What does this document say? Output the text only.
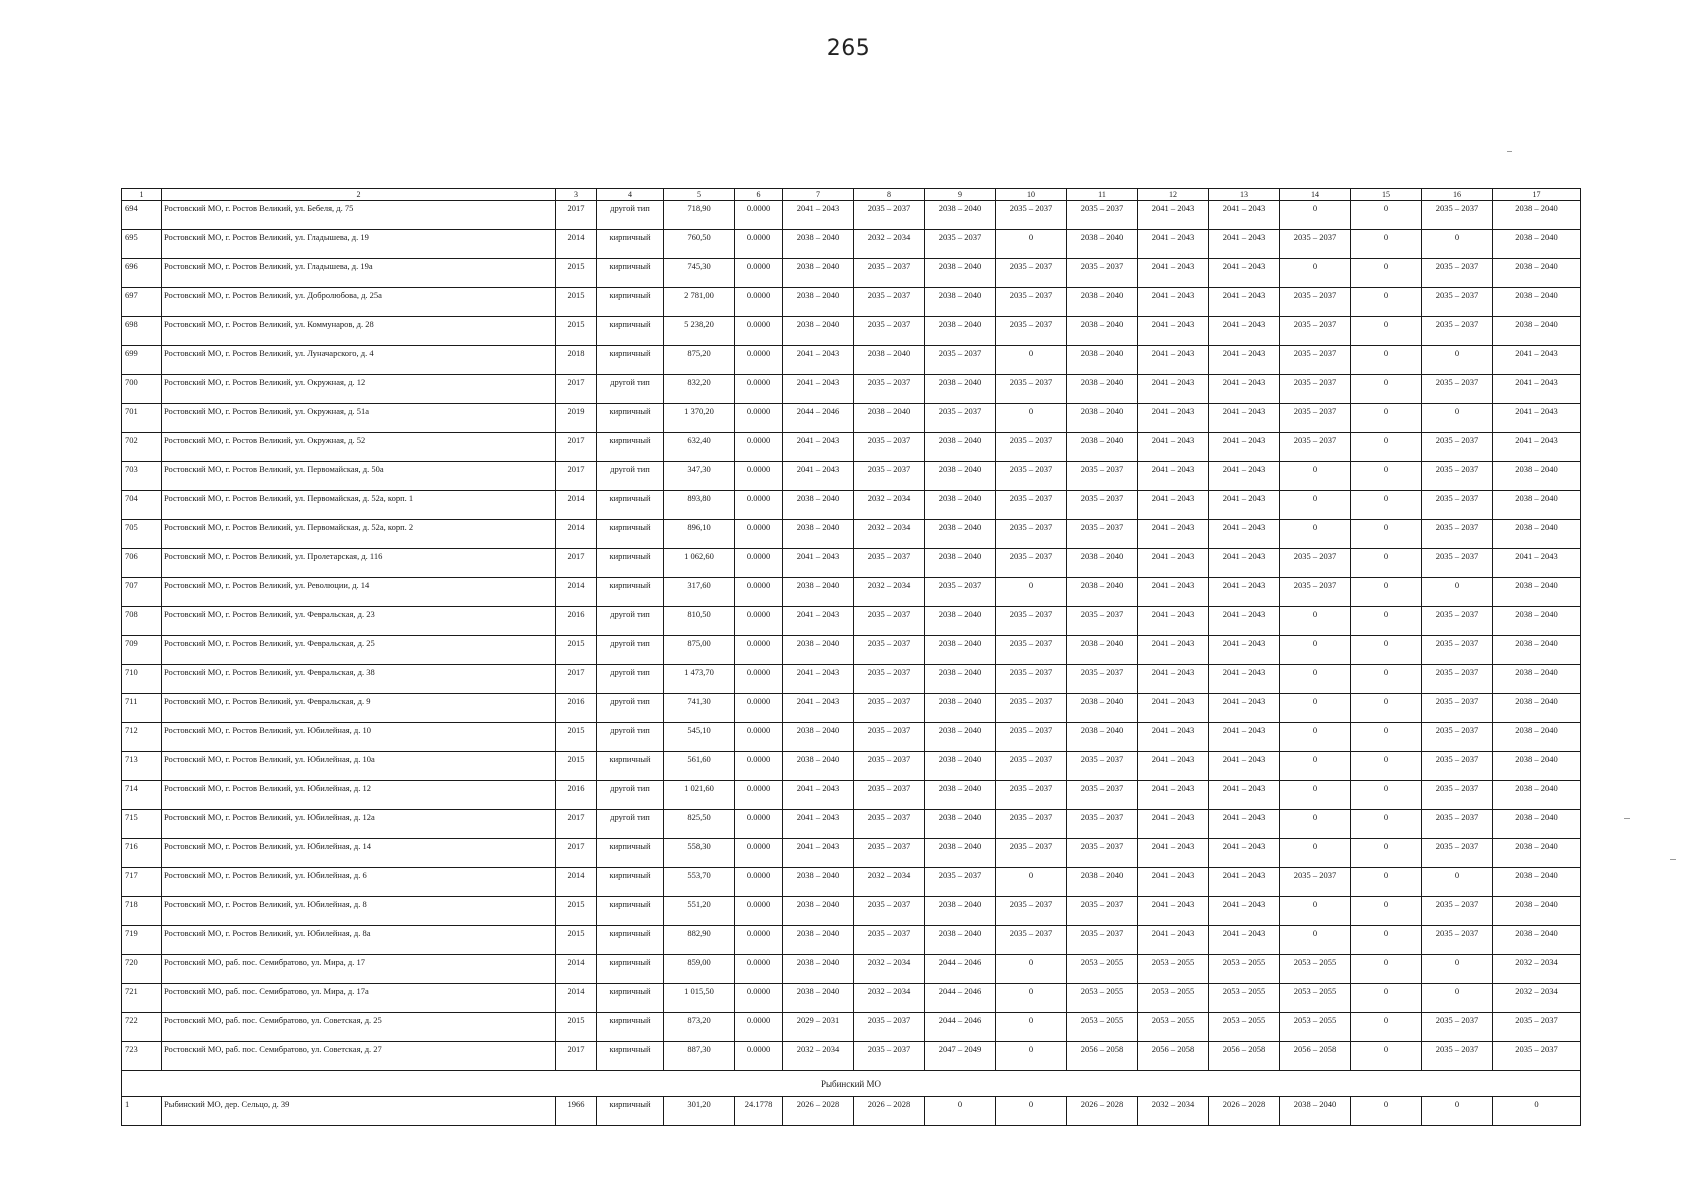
265
1	2	3	4	5	6	7	8	9	10	11	12	13	14	15	16	17
694	Ростовский МО, г. Ростов Великий, ул. Бебеля, д. 75	2017	другой тип	718,90	0.0000	2041 – 2043	2035 – 2037	2038 – 2040	2035 – 2037	2035 – 2037	2041 – 2043	2041 – 2043	0	0	2035 – 2037	2038 – 2040
695	Ростовский МО, г. Ростов Великий, ул. Гладышева, д. 19	2014	кирпичный	760,50	0.0000	2038 – 2040	2032 – 2034	2035 – 2037	0	2038 – 2040	2041 – 2043	2041 – 2043	2035 – 2037	0	0	2038 – 2040
696	Ростовский МО, г. Ростов Великий, ул. Гладышева, д. 19а	2015	кирпичный	745,30	0.0000	2038 – 2040	2035 – 2037	2038 – 2040	2035 – 2037	2035 – 2037	2041 – 2043	2041 – 2043	0	0	2035 – 2037	2038 – 2040
697	Ростовский МО, г. Ростов Великий, ул. Добролюбова, д. 25а	2015	кирпичный	2 781,00	0.0000	2038 – 2040	2035 – 2037	2038 – 2040	2035 – 2037	2038 – 2040	2041 – 2043	2041 – 2043	2035 – 2037	0	2035 – 2037	2038 – 2040
698	Ростовский МО, г. Ростов Великий, ул. Коммунаров, д. 28	2015	кирпичный	5 238,20	0.0000	2038 – 2040	2035 – 2037	2038 – 2040	2035 – 2037	2038 – 2040	2041 – 2043	2041 – 2043	2035 – 2037	0	2035 – 2037	2038 – 2040
699	Ростовский МО, г. Ростов Великий, ул. Луначарского, д. 4	2018	кирпичный	875,20	0.0000	2041 – 2043	2038 – 2040	2035 – 2037	0	2038 – 2040	2041 – 2043	2041 – 2043	2035 – 2037	0	0	2041 – 2043
700	Ростовский МО, г. Ростов Великий, ул. Окружная, д. 12	2017	другой тип	832,20	0.0000	2041 – 2043	2035 – 2037	2038 – 2040	2035 – 2037	2038 – 2040	2041 – 2043	2041 – 2043	2035 – 2037	0	2035 – 2037	2041 – 2043
701	Ростовский МО, г. Ростов Великий, ул. Окружная, д. 51а	2019	кирпичный	1 370,20	0.0000	2044 – 2046	2038 – 2040	2035 – 2037	0	2038 – 2040	2041 – 2043	2041 – 2043	2035 – 2037	0	0	2041 – 2043
702	Ростовский МО, г. Ростов Великий, ул. Окружная, д. 52	2017	кирпичный	632,40	0.0000	2041 – 2043	2035 – 2037	2038 – 2040	2035 – 2037	2038 – 2040	2041 – 2043	2041 – 2043	2035 – 2037	0	2035 – 2037	2041 – 2043
703	Ростовский МО, г. Ростов Великий, ул. Первомайская, д. 50а	2017	другой тип	347,30	0.0000	2041 – 2043	2035 – 2037	2038 – 2040	2035 – 2037	2035 – 2037	2041 – 2043	2041 – 2043	0	0	2035 – 2037	2038 – 2040
704	Ростовский МО, г. Ростов Великий, ул. Первомайская, д. 52а, корп. 1	2014	кирпичный	893,80	0.0000	2038 – 2040	2032 – 2034	2038 – 2040	2035 – 2037	2035 – 2037	2041 – 2043	2041 – 2043	0	0	2035 – 2037	2038 – 2040
705	Ростовский МО, г. Ростов Великий, ул. Первомайская, д. 52а, корп. 2	2014	кирпичный	896,10	0.0000	2038 – 2040	2032 – 2034	2038 – 2040	2035 – 2037	2035 – 2037	2041 – 2043	2041 – 2043	0	0	2035 – 2037	2038 – 2040
706	Ростовский МО, г. Ростов Великий, ул. Пролетарская, д. 116	2017	кирпичный	1 062,60	0.0000	2041 – 2043	2035 – 2037	2038 – 2040	2035 – 2037	2038 – 2040	2041 – 2043	2041 – 2043	2035 – 2037	0	2035 – 2037	2041 – 2043
707	Ростовский МО, г. Ростов Великий, ул. Революции, д. 14	2014	кирпичный	317,60	0.0000	2038 – 2040	2032 – 2034	2035 – 2037	0	2038 – 2040	2041 – 2043	2041 – 2043	2035 – 2037	0	0	2038 – 2040
708	Ростовский МО, г. Ростов Великий, ул. Февральская, д. 23	2016	другой тип	810,50	0.0000	2041 – 2043	2035 – 2037	2038 – 2040	2035 – 2037	2035 – 2037	2041 – 2043	2041 – 2043	0	0	2035 – 2037	2038 – 2040
709	Ростовский МО, г. Ростов Великий, ул. Февральская, д. 25	2015	другой тип	875,00	0.0000	2038 – 2040	2035 – 2037	2038 – 2040	2035 – 2037	2038 – 2040	2041 – 2043	2041 – 2043	0	0	2035 – 2037	2038 – 2040
710	Ростовский МО, г. Ростов Великий, ул. Февральская, д. 38	2017	другой тип	1 473,70	0.0000	2041 – 2043	2035 – 2037	2038 – 2040	2035 – 2037	2035 – 2037	2041 – 2043	2041 – 2043	0	0	2035 – 2037	2038 – 2040
711	Ростовский МО, г. Ростов Великий, ул. Февральская, д. 9	2016	другой тип	741,30	0.0000	2041 – 2043	2035 – 2037	2038 – 2040	2035 – 2037	2038 – 2040	2041 – 2043	2041 – 2043	0	0	2035 – 2037	2038 – 2040
712	Ростовский МО, г. Ростов Великий, ул. Юбилейная, д. 10	2015	другой тип	545,10	0.0000	2038 – 2040	2035 – 2037	2038 – 2040	2035 – 2037	2038 – 2040	2041 – 2043	2041 – 2043	0	0	2035 – 2037	2038 – 2040
713	Ростовский МО, г. Ростов Великий, ул. Юбилейная, д. 10а	2015	кирпичный	561,60	0.0000	2038 – 2040	2035 – 2037	2038 – 2040	2035 – 2037	2035 – 2037	2041 – 2043	2041 – 2043	0	0	2035 – 2037	2038 – 2040
714	Ростовский МО, г. Ростов Великий, ул. Юбилейная, д. 12	2016	другой тип	1 021,60	0.0000	2041 – 2043	2035 – 2037	2038 – 2040	2035 – 2037	2035 – 2037	2041 – 2043	2041 – 2043	0	0	2035 – 2037	2038 – 2040
715	Ростовский МО, г. Ростов Великий, ул. Юбилейная, д. 12а	2017	другой тип	825,50	0.0000	2041 – 2043	2035 – 2037	2038 – 2040	2035 – 2037	2035 – 2037	2041 – 2043	2041 – 2043	0	0	2035 – 2037	2038 – 2040
716	Ростовский МО, г. Ростов Великий, ул. Юбилейная, д. 14	2017	кирпичный	558,30	0.0000	2041 – 2043	2035 – 2037	2038 – 2040	2035 – 2037	2035 – 2037	2041 – 2043	2041 – 2043	0	0	2035 – 2037	2038 – 2040
717	Ростовский МО, г. Ростов Великий, ул. Юбилейная, д. 6	2014	кирпичный	553,70	0.0000	2038 – 2040	2032 – 2034	2035 – 2037	0	2038 – 2040	2041 – 2043	2041 – 2043	2035 – 2037	0	0	2038 – 2040
718	Ростовский МО, г. Ростов Великий, ул. Юбилейная, д. 8	2015	кирпичный	551,20	0.0000	2038 – 2040	2035 – 2037	2038 – 2040	2035 – 2037	2035 – 2037	2041 – 2043	2041 – 2043	0	0	2035 – 2037	2038 – 2040
719	Ростовский МО, г. Ростов Великий, ул. Юбилейная, д. 8а	2015	кирпичный	882,90	0.0000	2038 – 2040	2035 – 2037	2038 – 2040	2035 – 2037	2035 – 2037	2041 – 2043	2041 – 2043	0	0	2035 – 2037	2038 – 2040
720	Ростовский МО, раб. пос. Семибратово, ул. Мира, д. 17	2014	кирпичный	859,00	0.0000	2038 – 2040	2032 – 2034	2044 – 2046	0	2053 – 2055	2053 – 2055	2053 – 2055	2053 – 2055	0	0	2032 – 2034
721	Ростовский МО, раб. пос. Семибратово, ул. Мира, д. 17а	2014	кирпичный	1 015,50	0.0000	2038 – 2040	2032 – 2034	2044 – 2046	0	2053 – 2055	2053 – 2055	2053 – 2055	2053 – 2055	0	0	2032 – 2034
722	Ростовский МО, раб. пос. Семибратово, ул. Советская, д. 25	2015	кирпичный	873,20	0.0000	2029 – 2031	2035 – 2037	2044 – 2046	0	2053 – 2055	2053 – 2055	2053 – 2055	2053 – 2055	0	2035 – 2037	2035 – 2037
723	Ростовский МО, раб. пос. Семибратово, ул. Советская, д. 27	2017	кирпичный	887,30	0.0000	2032 – 2034	2035 – 2037	2047 – 2049	0	2056 – 2058	2056 – 2058	2056 – 2058	2056 – 2058	0	2035 – 2037	2035 – 2037
Рыбинский МО																
1	Рыбинский МО, дер. Сельцо, д. 39	1966	кирпичный	301,20	24.1778	2026 – 2028	2026 – 2028	0	0	2026 – 2028	2032 – 2034	2026 – 2028	2038 – 2040	0	0	0
